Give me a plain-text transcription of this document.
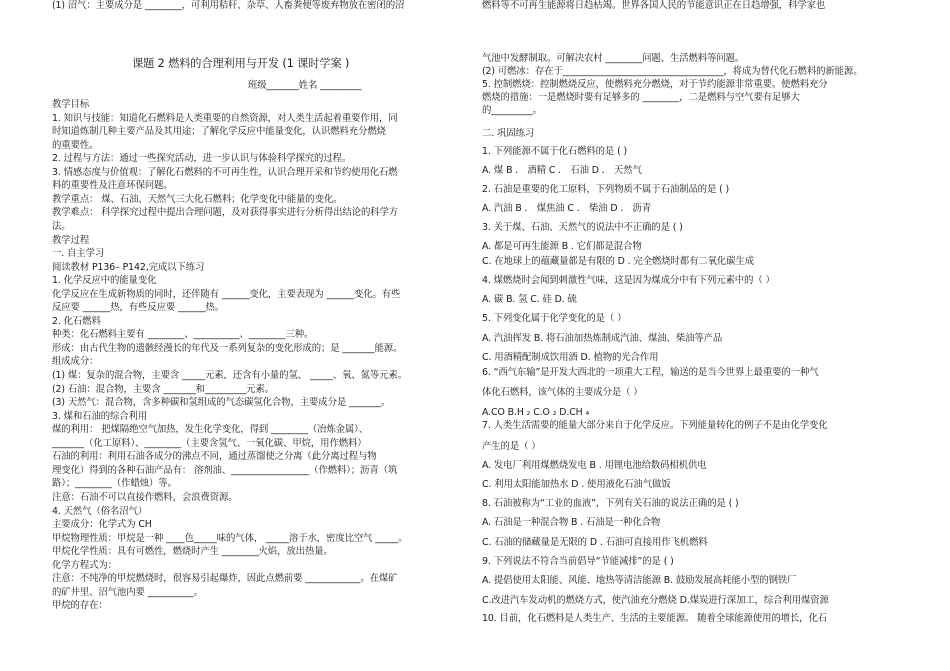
课题 2 燃料的合理利用与开发 (1 课时学案 )
班级_______姓名 _________
教学目标
1. 知识与技能：知道化石燃料是人类重要的自然资源，对人类生活起着重要作用，同
时知道炼制几种主要产品及其用途；了解化学反应中能量变化，认识燃料充分燃烧
的重要性。
2. 过程与方法：通过一些探究活动，进一步认识与体验科学探究的过程。
3. 情感态度与价值观：了解化石燃料的不可再生性，认识合理开采和节约使用化石燃
料的重要性及注意环保问题。
教学重点： 煤、石油、天然气三大化石燃料；化学变化中能量的变化。
教学难点： 科学探究过程中提出合理问题，及对获得事实进行分析得出结论的科学方
法。
教学过程
一. 自主学习
阅读教材 P136– P142,完成以下练习
1. 化学反应中的能量变化
化学反应在生成新物质的同时，还伴随有 ______变化，主要表现为 ______变化。有些
反应要 ______热，有些反应要 ______热。
2. 化石燃料
种类：化石燃料主要有 ________、__________、________三种。
形成：由古代生物的遗骸经漫长的年代及一系列复杂的变化形成的；是 _______能源。
组成成分：
(1) 煤：复杂的混合物，主要含 _____元素，还含有小量的氢、 _____、氧、氮等元素。
(2) 石油：混合物，主要含 _______和_________元素。
(3) 天然气：混合物，含多种碳和氢组成的气态碳氢化合物，主要成分是 _______。
3. 煤和石油的综合利用
煤的利用： 把煤隔绝空气加热，发生化学变化，得到 ________（冶炼金属）、
_______（化工原料）、________（主要含氢气、一氧化碳、甲烷，用作燃料）
石油的利用：利用石油各成分的沸点不同，通过蒸馏使之分离（此分离过程与物
理变化）得到的各种石油产品有： 溶剂油、_________________（作燃料）；沥青（筑
路）；________（作蜡烛）等。
注意：石油不可以直接作燃料，会浪费资源。
4. 天然气（俗名沼气）
主要成分：化学式为 CH
甲烷物理性质：甲烷是一种 ____色_____味的气体， _____溶于水，密度比空气 _____。
甲烷化学性质：具有可燃性，燃烧时产生 ________火焰，放出热量。
化学方程式为：
注意：不纯净的甲烷燃烧时，很容易引起爆炸，因此点燃前要 ____________。在煤矿
的矿井里、沼气池内要 __________。
甲烷的存在：
(1) 沼气：主要成分是 ________，可利用秸秆、杂草、人畜粪便等废弃物放在密闭的沼
气池中发酵制取。可解决农村 ________问题、生活燃料等问题。
(2) 可燃冰：存在于___________________________________，将成为替代化石燃料的新能源。
5. 控制燃烧：控制燃烧反应，使燃料充分燃烧，对于节约能源非常重要。使燃料充分
燃烧的措施：一是燃烧时要有足够多的 ________，二是燃料与空气要有足够大
的_________。
二. 巩固练习
1. 下列能源不属于化石燃料的是 ( )
A. 煤 B ． 酒精 C ． 石油 D ． 天然气
2. 石油是重要的化工原料，下列物质不属于石油制品的是 ( )
A. 汽油 B ． 煤焦油 C ． 柴油 D ． 沥青
3. 关于煤、石油、天然气的说法中不正确的是 ( )
A. 都是可再生能源 B . 它们都是混合物
C. 在地球上的蕴藏量都是有限的 D . 完全燃烧时都有二氧化碳生成
4. 煤燃烧时会闻到刺激性气味，这是因为煤成分中有下列元素中的（ ）
A. 碳 B. 氢 C. 硅 D. 硫
5. 下列变化属于化学变化的是（ ）
A. 汽油挥发 B. 将石油加热炼制成汽油、煤油、柴油等产品
C. 用酒精配制成饮用酒 D. 植物的光合作用
6. “西气东输”是开发大西北的一项重大工程，输送的是当今世界上最重要的一种气
体化石燃料，该气体的主要成分是（ ）
A.CO B.H ₂ C.O ₂ D.CH ₄
7. 人类生活需要的能量大部分来自于化学反应。下列能量转化的例子不是由化学变化
产生的是（ ）
A. 发电厂利用煤燃烧发电 B . 用锂电池给数码相机供电
C. 利用太阳能加热水 D . 使用液化石油气做饭
8. 石油被称为“工业的血液”，下列有关石油的说法正确的是 ( )
A. 石油是一种混合物 B . 石油是一种化合物
C. 石油的储藏量是无限的 D . 石油可直接用作飞机燃料
9. 下列说法不符合当前倡导“节能减排”的是 ( )
A. 提倡使用太阳能、风能、地热等清洁能源 B. 鼓励发展高耗能小型的钢铁厂
C.改进汽车发动机的燃烧方式，使汽油充分燃烧 D.煤炭进行深加工，综合利用煤资源
10. 目前，化石燃料是人类生产、生活的主要能源。 随着全球能源使用的增长，化石
燃料等不可再生能源将日趋枯竭。世界各国人民的节能意识正在日趋增强，科学家也
